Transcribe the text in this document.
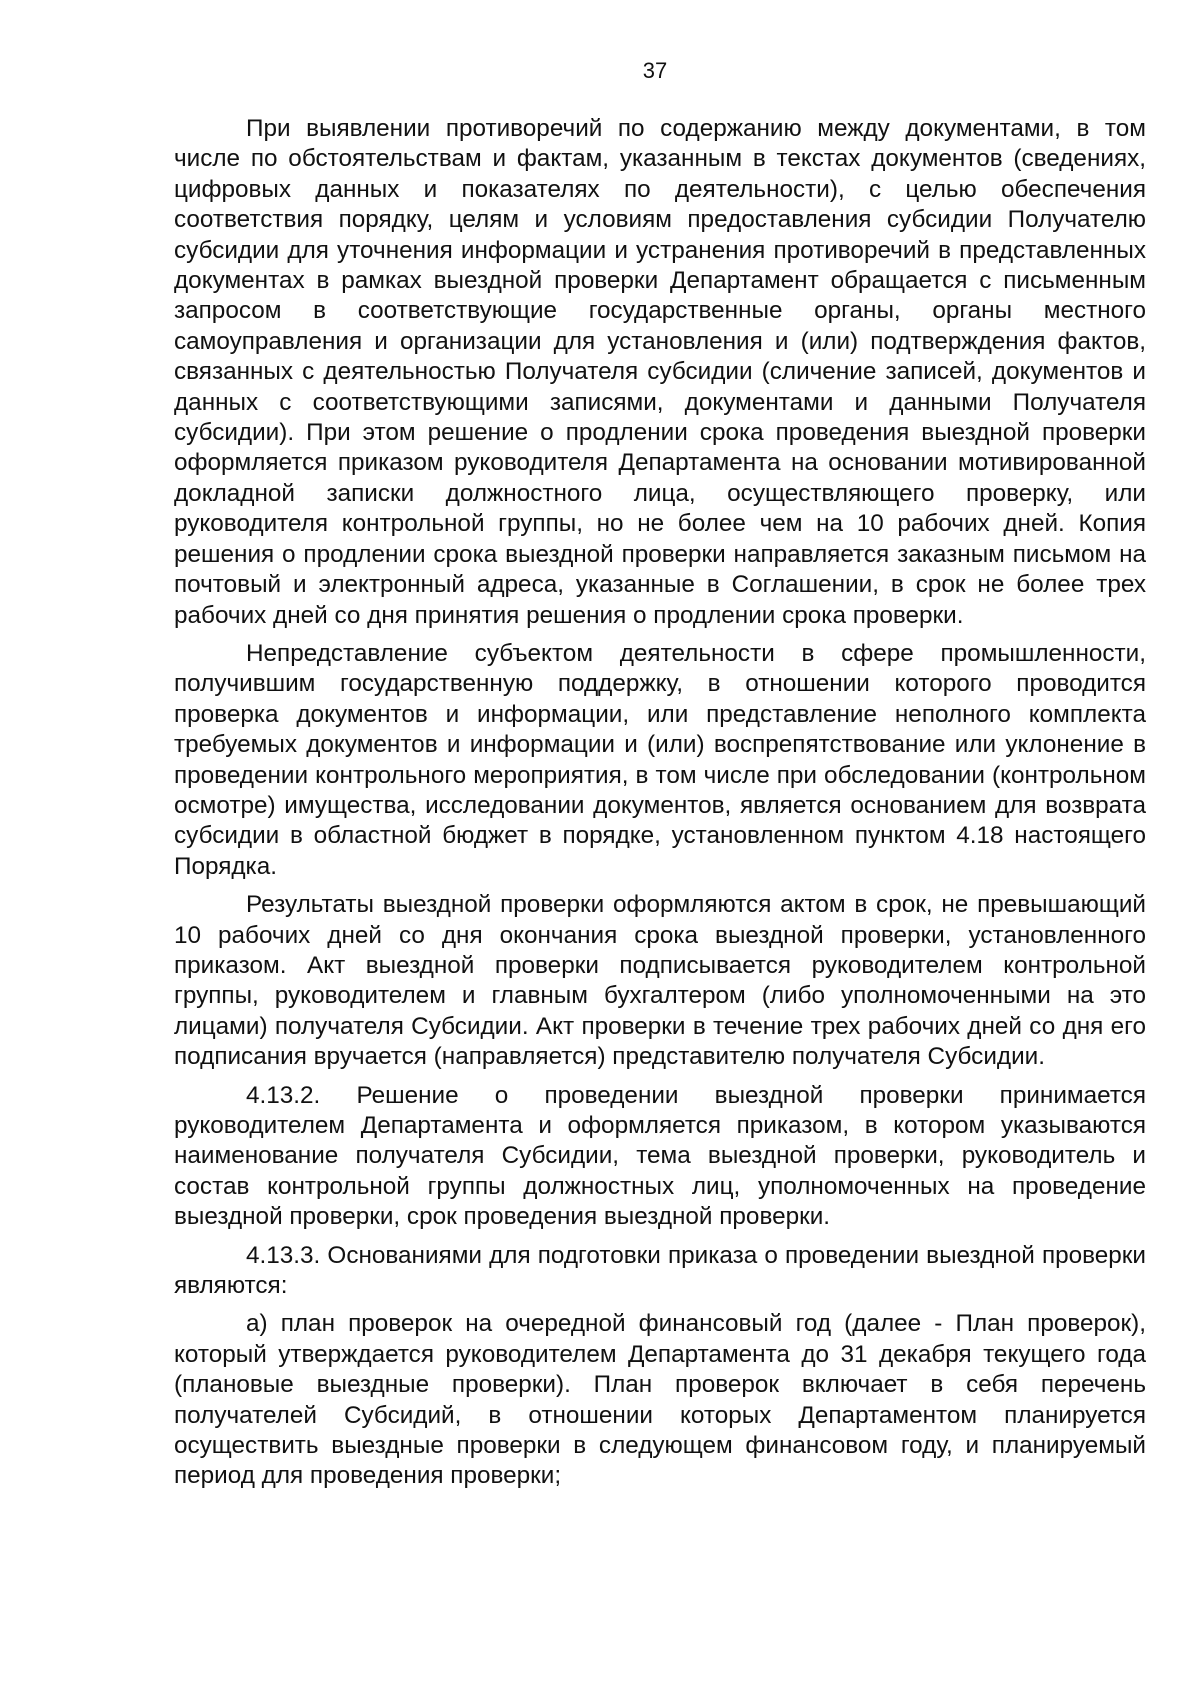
37

При выявлении противоречий по содержанию между документами, в том числе по обстоятельствам и фактам, указанным в текстах документов (сведениях, цифровых данных и показателях по деятельности), с целью обеспечения соответствия порядку, целям и условиям предоставления субсидии Получателю субсидии для уточнения информации и устранения противоречий в представленных документах в рамках выездной проверки Департамент обращается с письменным запросом в соответствующие государственные органы, органы местного самоуправления и организации для установления и (или) подтверждения фактов, связанных с деятельностью Получателя субсидии (сличение записей, документов и данных с соответствующими записями, документами и данными Получателя субсидии). При этом решение о продлении срока проведения выездной проверки оформляется приказом руководителя Департамента на основании мотивированной докладной записки должностного лица, осуществляющего проверку, или руководителя контрольной группы, но не более чем на 10 рабочих дней. Копия решения о продлении срока выездной проверки направляется заказным письмом на почтовый и электронный адреса, указанные в Соглашении, в срок не более трех рабочих дней со дня принятия решения о продлении срока проверки.

Непредставление субъектом деятельности в сфере промышленности, получившим государственную поддержку, в отношении которого проводится проверка документов и информации, или представление неполного комплекта требуемых документов и информации и (или) воспрепятствование или уклонение в проведении контрольного мероприятия, в том числе при обследовании (контрольном осмотре) имущества, исследовании документов, является основанием для возврата субсидии в областной бюджет в порядке, установленном пунктом 4.18 настоящего Порядка.

Результаты выездной проверки оформляются актом в срок, не превышающий 10 рабочих дней со дня окончания срока выездной проверки, установленного приказом. Акт выездной проверки подписывается руководителем контрольной группы, руководителем и главным бухгалтером (либо уполномоченными на это лицами) получателя Субсидии. Акт проверки в течение трех рабочих дней со дня его подписания вручается (направляется) представителю получателя Субсидии.

4.13.2. Решение о проведении выездной проверки принимается руководителем Департамента и оформляется приказом, в котором указываются наименование получателя Субсидии, тема выездной проверки, руководитель и состав контрольной группы должностных лиц, уполномоченных на проведение выездной проверки, срок проведения выездной проверки.

4.13.3. Основаниями для подготовки приказа о проведении выездной проверки являются:

а) план проверок на очередной финансовый год (далее - План проверок), который утверждается руководителем Департамента до 31 декабря текущего года (плановые выездные проверки). План проверок включает в себя перечень получателей Субсидий, в отношении которых Департаментом планируется осуществить выездные проверки в следующем финансовом году, и планируемый период для проведения проверки;
